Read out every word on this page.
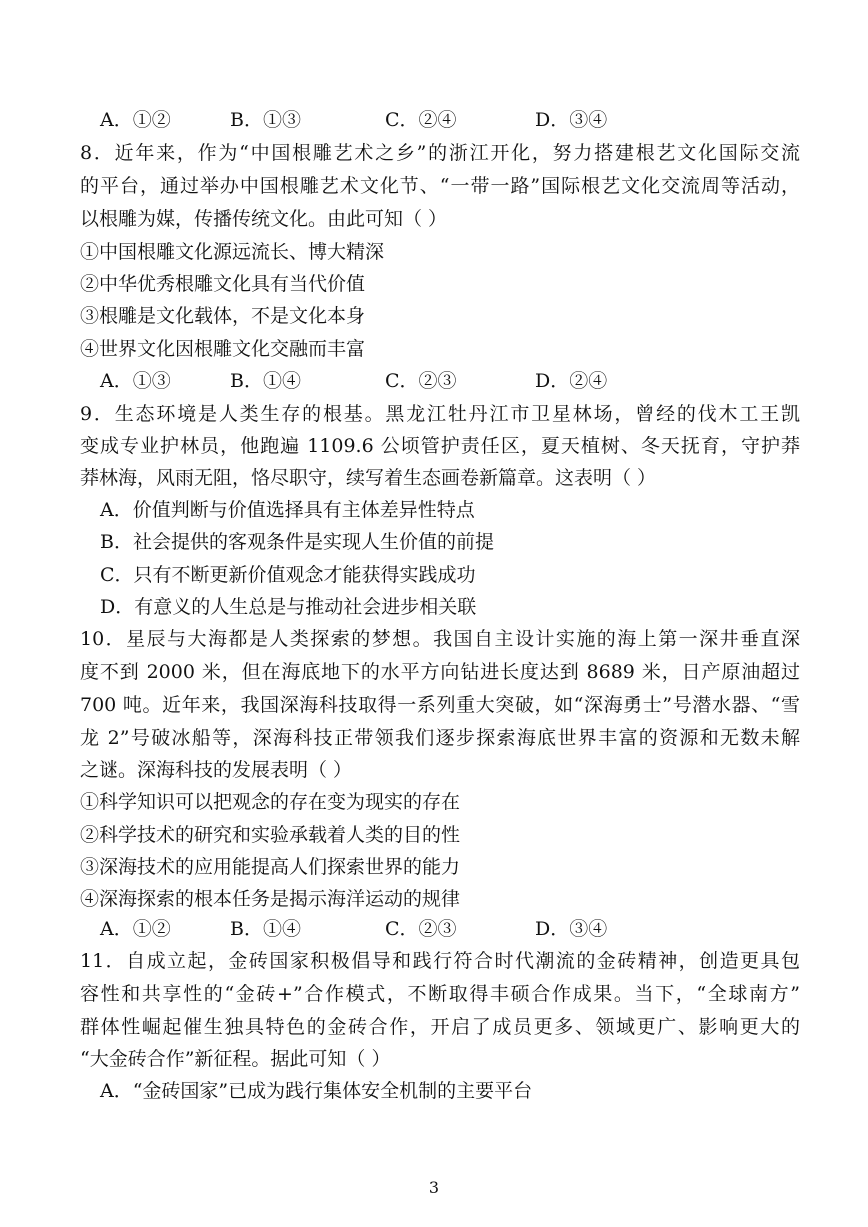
A．①②	B．①③	C．②④	D．③④
8．近年来，作为“中国根雕艺术之乡”的浙江开化，努力搭建根艺文化国际交流
的平台，通过举办中国根雕艺术文化节、“一带一路”国际根艺文化交流周等活动，
以根雕为媒，传播传统文化。由此可知（ ）
①中国根雕文化源远流长、博大精深
②中华优秀根雕文化具有当代价值
③根雕是文化载体，不是文化本身
④世界文化因根雕文化交融而丰富
A．①③	B．①④	C．②③	D．②④
9．生态环境是人类生存的根基。黑龙江牡丹江市卫星林场，曾经的伐木工王凯
变成专业护林员，他跑遍 1109.6 公顷管护责任区，夏天植树、冬天抚育，守护莽
莽林海，风雨无阻，恪尽职守，续写着生态画卷新篇章。这表明（ ）
A．价值判断与价值选择具有主体差异性特点
B．社会提供的客观条件是实现人生价值的前提
C．只有不断更新价值观念才能获得实践成功
D．有意义的人生总是与推动社会进步相关联
10．星辰与大海都是人类探索的梦想。我国自主设计实施的海上第一深井垂直深
度不到 2000 米，但在海底地下的水平方向钻进长度达到 8689 米，日产原油超过
700 吨。近年来，我国深海科技取得一系列重大突破，如“深海勇士”号潜水器、“雪
龙 2”号破冰船等，深海科技正带领我们逐步探索海底世界丰富的资源和无数未解
之谜。深海科技的发展表明（ ）
①科学知识可以把观念的存在变为现实的存在
②科学技术的研究和实验承载着人类的目的性
③深海技术的应用能提高人们探索世界的能力
④深海探索的根本任务是揭示海洋运动的规律
A．①②	B．①④	C．②③	D．③④
11．自成立起，金砖国家积极倡导和践行符合时代潮流的金砖精神，创造更具包
容性和共享性的“金砖+”合作模式，不断取得丰硕合作成果。当下，“全球南方”
群体性崛起催生独具特色的金砖合作，开启了成员更多、领域更广、影响更大的
“大金砖合作”新征程。据此可知（ ）
A．“金砖国家”已成为践行集体安全机制的主要平台
3
